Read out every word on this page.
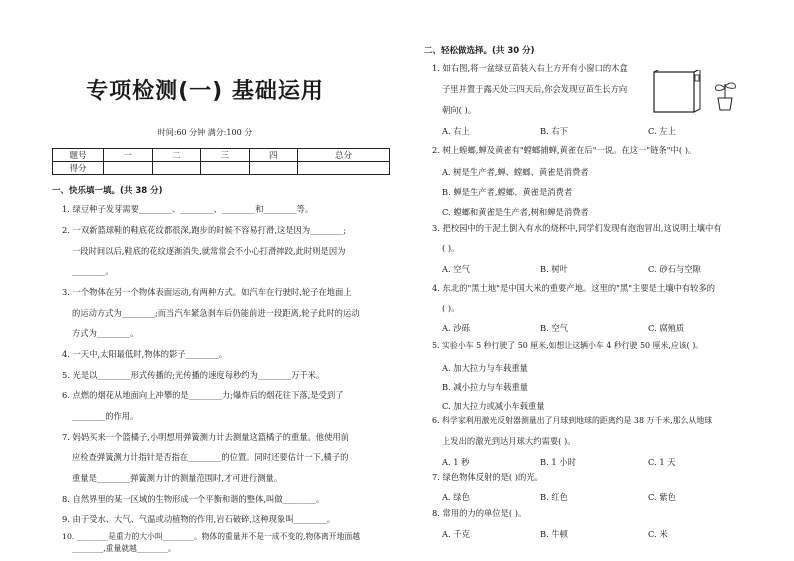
专项检测(一) 基础运用
时间:60 分钟 满分:100 分
题号	一	二	三	四	总分
得分					
一、快乐填一填。(共 38 分)
1. 绿豆种子发芽需要________、________、________和________等。
2. 一双新篮球鞋的鞋底花纹都很深,跑步的时候不容易打滑,这是因为________;
一段时间以后,鞋底的花纹逐渐消失,就常常会不小心打滑摔跤,此时则是因为
________。
3. 一个物体在另一个物体表面运动,有两种方式。如汽车在行驶时,轮子在地面上
的运动方式为________;而当汽车紧急刹车后仍能前进一段距离,轮子此时的运动
方式为________。
4. 一天中,太阳最低时,物体的影子________。
5. 光是以________形式传播的;光传播的速度每秒约为________万千米。
6. 点燃的烟花从地面向上冲攀的是________力;爆炸后的烟花往下落,是受到了
________的作用。
7. 妈妈买来一个篮橘子,小明想用弹簧测力计去测量这篮橘子的重量。他使用前
应检查弹簧测力计指针是否指在________的位置。同时还要估计一下,橘子的
重量是________弹簧测力计的测量范围时,才可进行测量。
8. 自然界里的某一区域的生物形成一个平衡和谐的整体,叫做________。
9. 由于受水、大气、气温或动植物的作用,岩石破碎,这种现象叫________。
10. ________是重力的大小叫________。物体的重量并不是一成不变的,物体离开地面越
________,重量就越________。
二、轻松做选择。(共 30 分)
1. 如右图,将一盆绿豆苗装入右上方开有小窗口的木盒
子里并置于露天处三四天后,你会发现豆苗生长方向
朝向( )。
A. 右上	B. 右下	C. 左上
2. 树上蝗螂,蝉及黄雀有"螳螂捕蝉,黄雀在后"一说。在这一"链条"中( )。
A. 树是生产者,蝉、螳螂、黄雀是消费者
B. 蝉是生产者,螳螂、黄雀是消费者
C. 螳螂和黄雀是生产者,树和蝉是消费者
3. 把校园中的干泥土倒入有水的烧杯中,同学们发现有泡泡冒出,这说明土壤中有
( )。
A. 空气	B. 树叶	C. 砂石与空隙
4. 东北的"黑土地"是中国大米的重要产地。这里的"黑"主要是土壤中有较多的
( )。
A. 沙砾	B. 空气	C. 腐殖质
5. 实验小车 5 秒行驶了 50 厘米,如想让这辆小车 4 秒行驶 50 厘米,应该( )。
A. 加大拉力与车载重量
B. 减小拉力与车载重量
C. 加大拉力或减小车载重量
6. 科学家利用激光反射器测量出了月球到地球的距离约是 38 万千米,那么从地球
上发出的激光到达月球大约需要( )。
A. 1 秒	B. 1 小时	C. 1 天
7. 绿色物体反射的是( )的光。
A. 绿色	B. 红色	C. 紫色
8. 常用的力的单位是( )。
A. 千克	B. 牛顿	C. 米
